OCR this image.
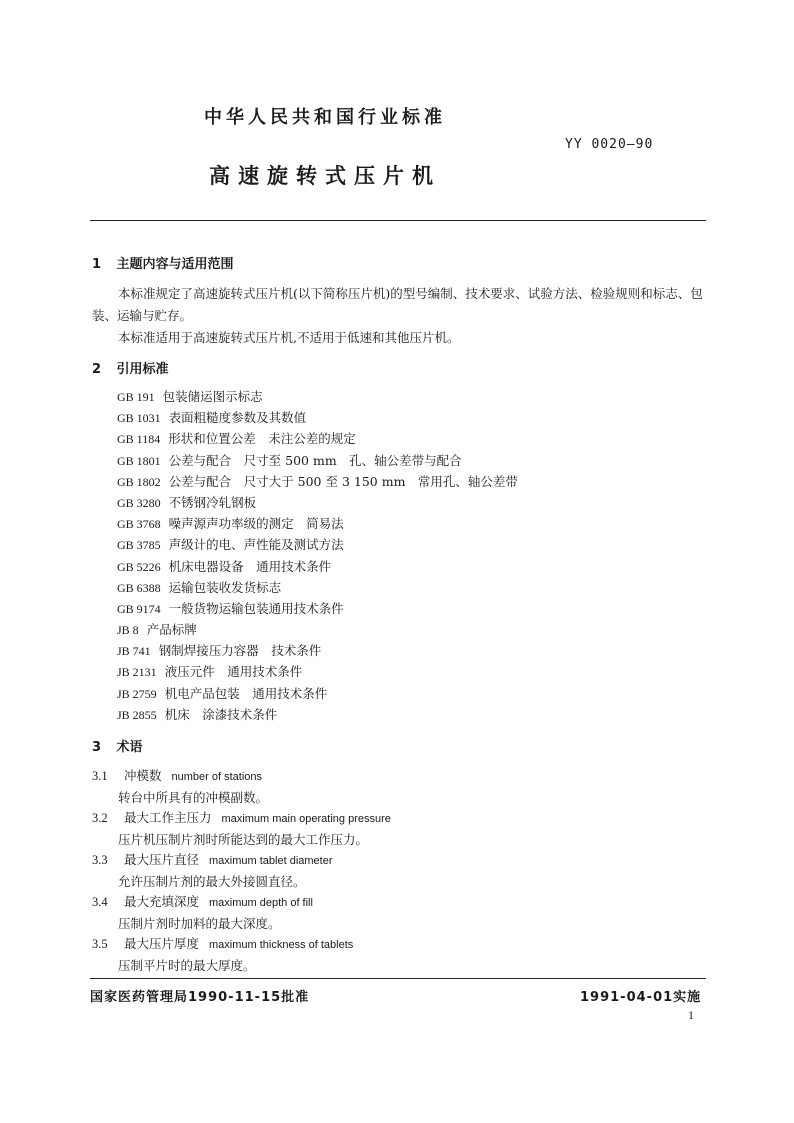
中华人民共和国行业标准
YY 0020—90
高速旋转式压片机
1 主题内容与适用范围

本标准规定了高速旋转式压片机(以下简称压片机)的型号编制、技术要求、试验方法、检验规则和标志、包装、运输与贮存。

本标准适用于高速旋转式压片机,不适用于低速和其他压片机。

2 引用标准
GB 191 包装储运图示标志
GB 1031 表面粗糙度参数及其数值
GB 1184 形状和位置公差　未注公差的规定
GB 1801 公差与配合　尺寸至 500 mm　孔、轴公差带与配合
GB 1802 公差与配合　尺寸大于 500 至 3 150 mm　常用孔、轴公差带
GB 3280 不锈钢冷轧钢板
GB 3768 噪声源声功率级的测定　简易法
GB 3785 声级计的电、声性能及测试方法
GB 5226 机床电器设备　通用技术条件
GB 6388 运输包装收发货标志
GB 9174 一般货物运输包装通用技术条件
JB 8 产品标牌
JB 741 钢制焊接压力容器　技术条件
JB 2131 液压元件　通用技术条件
JB 2759 机电产品包装　通用技术条件
JB 2855 机床　涂漆技术条件
3 术语
3.1 冲模数 number of stations
转台中所具有的冲模副数。
3.2 最大工作主压力 maximum main operating pressure
压片机压制片剂时所能达到的最大工作压力。
3.3 最大压片直径 maximum tablet diameter
允许压制片剂的最大外接圆直径。
3.4 最大充填深度 maximum depth of fill
压制片剂时加料的最大深度。
3.5 最大压片厚度 maximum thickness of tablets
压制平片时的最大厚度。
国家医药管理局1990-11-15批准	1991-04-01实施
1
